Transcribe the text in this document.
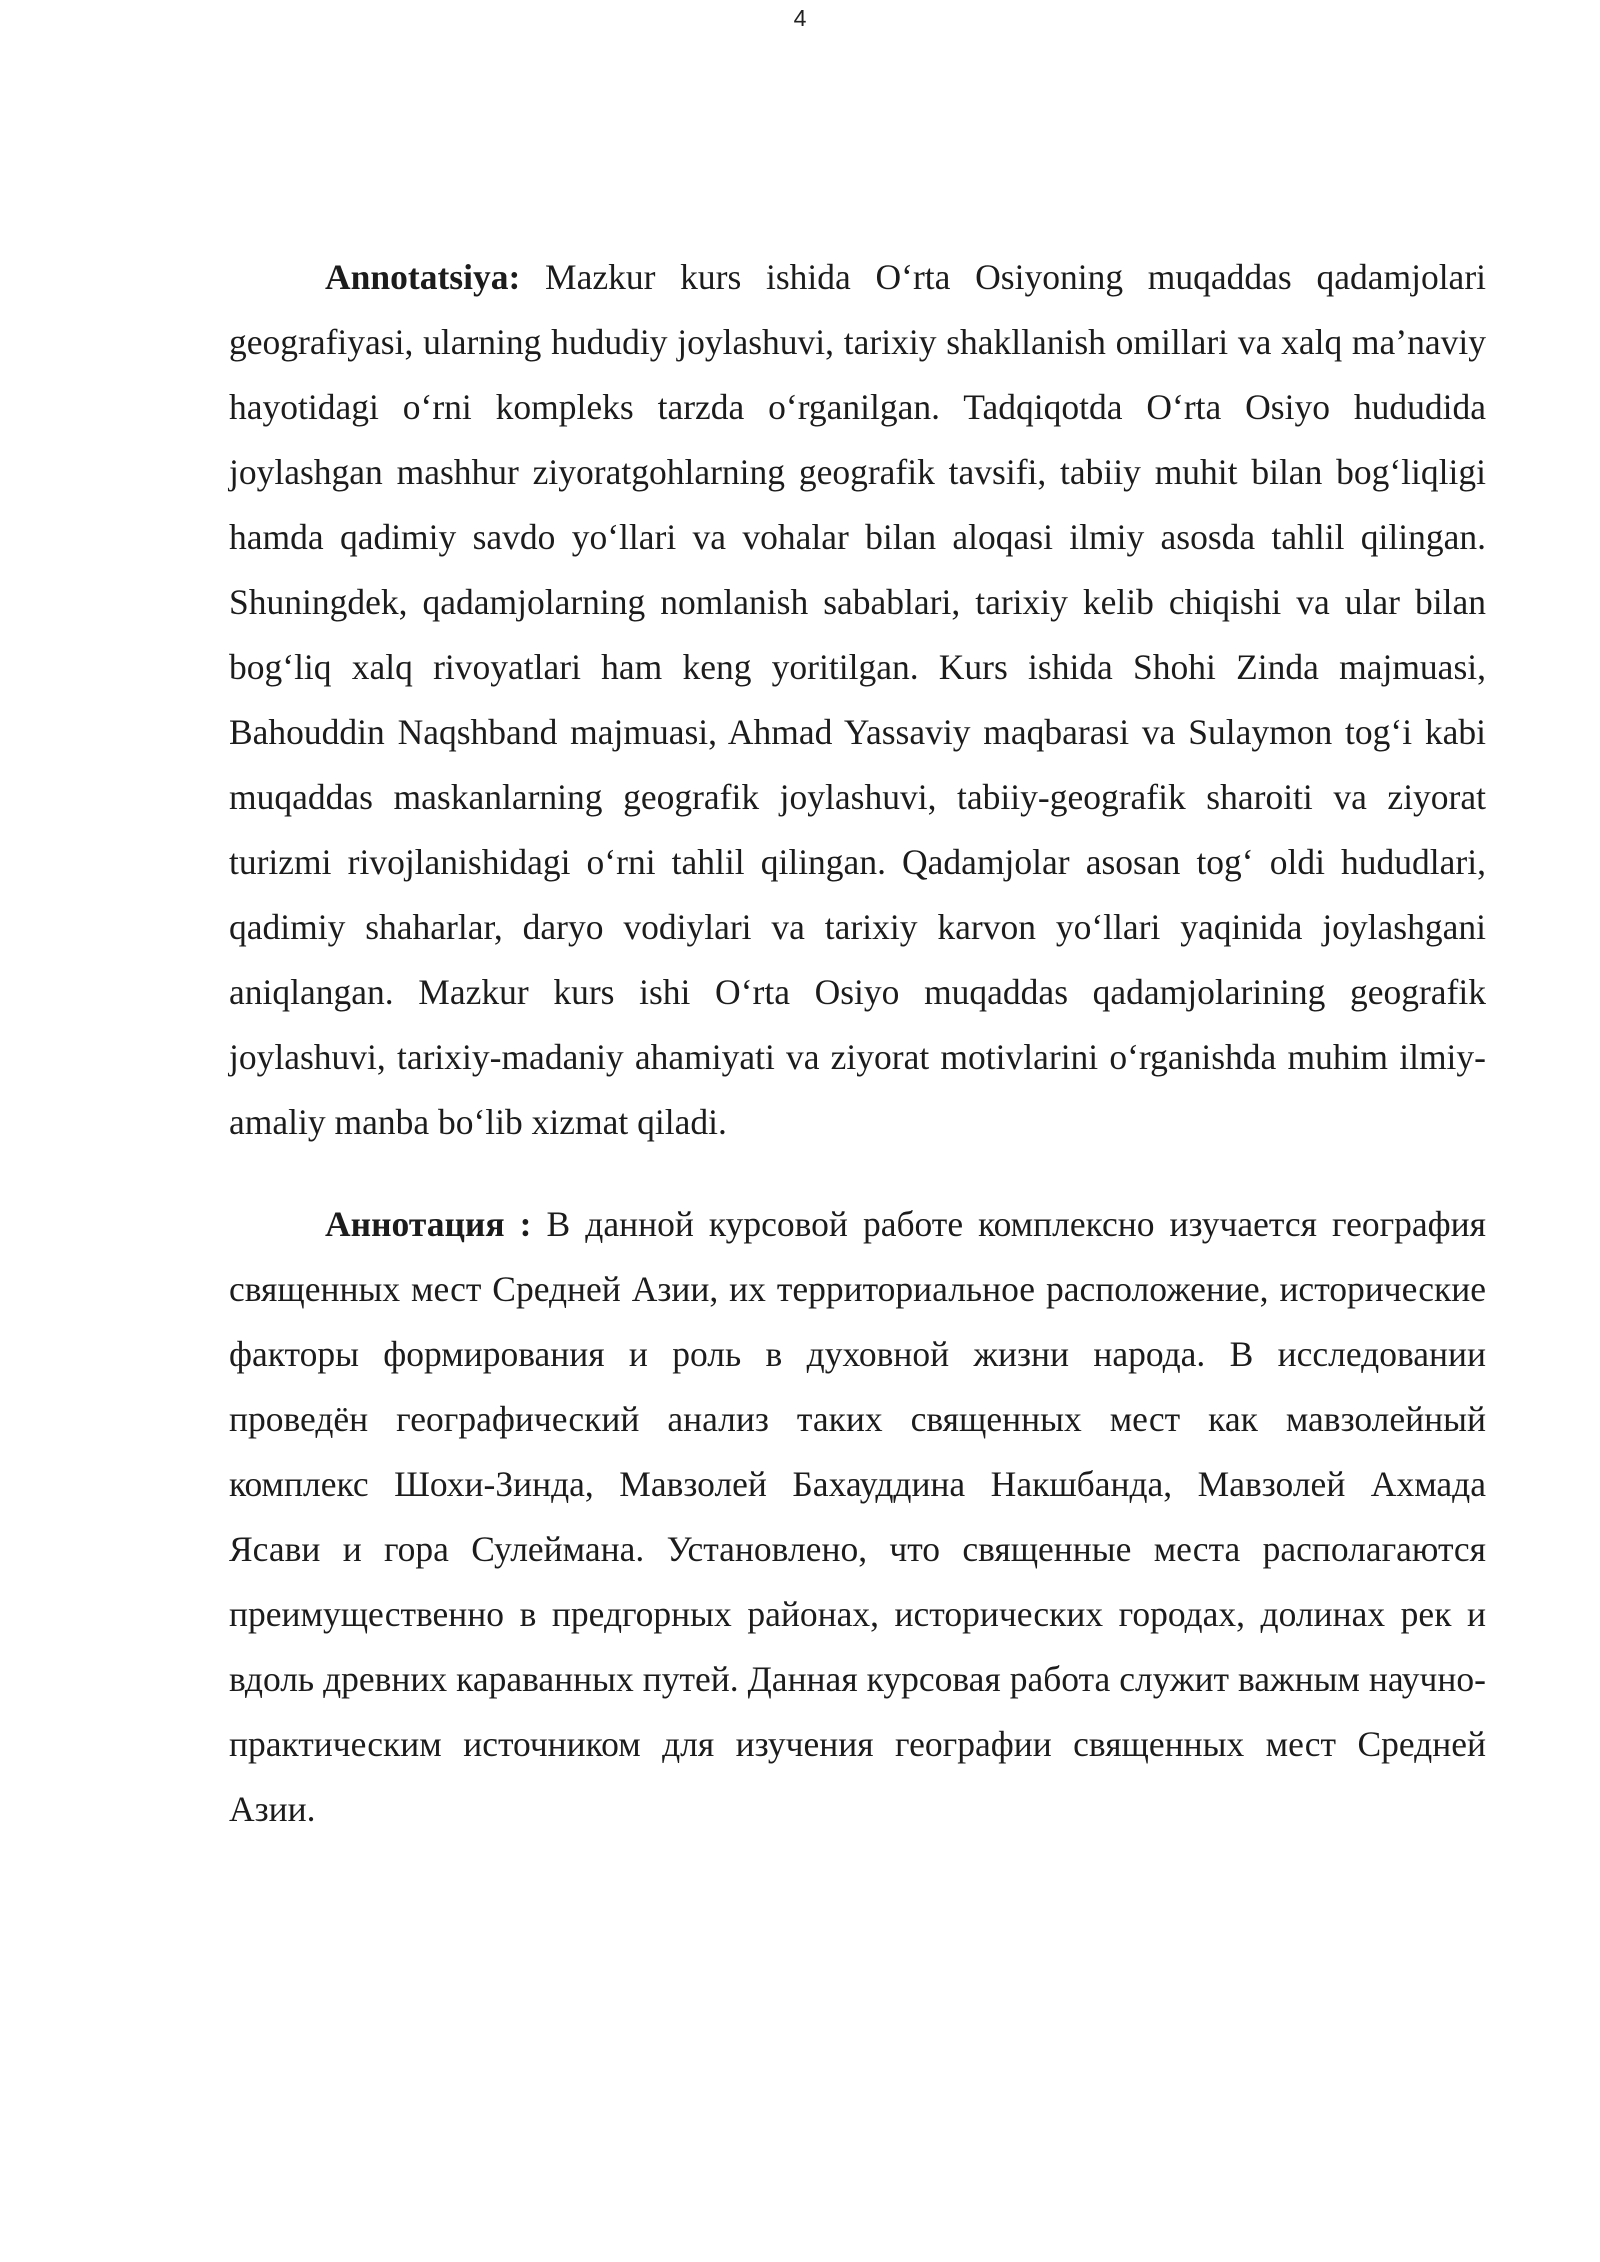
4

Annotatsiya: Mazkur kurs ishida O‘rta Osiyoning muqaddas qadamjolari geografiyasi, ularning hududiy joylashuvi, tarixiy shakllanish omillari va xalq ma’naviy hayotidagi o‘rni kompleks tarzda o‘rganilgan. Tadqiqotda O‘rta Osiyo hududida joylashgan mashhur ziyoratgohlarning geografik tavsifi, tabiiy muhit bilan bog‘liqligi hamda qadimiy savdo yo‘llari va vohalar bilan aloqasi ilmiy asosda tahlil qilingan. Shuningdek, qadamjolarning nomlanish sabablari, tarixiy kelib chiqishi va ular bilan bog‘liq xalq rivoyatlari ham keng yoritilgan. Kurs ishida Shohi Zinda majmuasi, Bahouddin Naqshband majmuasi, Ahmad Yassaviy maqbarasi va Sulaymon tog‘i kabi muqaddas maskanlarning geografik joylashuvi, tabiiy-geografik sharoiti va ziyorat turizmi rivojlanishidagi o‘rni tahlil qilingan. Qadamjolar asosan tog‘ oldi hududlari, qadimiy shaharlar, daryo vodiylari va tarixiy karvon yo‘llari yaqinida joylashgani aniqlangan. Mazkur kurs ishi O‘rta Osiyo muqaddas qadamjolarining geografik joylashuvi, tarixiy-madaniy ahamiyati va ziyorat motivlarini o‘rganishda muhim ilmiy-amaliy manba bo‘lib xizmat qiladi.

Аннотация : В данной курсовой работе комплексно изучается география священных мест Средней Азии, их территориальное расположение, исторические факторы формирования и роль в духовной жизни народа. В исследовании проведён географический анализ таких священных мест как мавзолейный комплекс Шохи-Зинда, Мавзолей Бахауддина Накшбанда, Мавзолей Ахмада Ясави и гора Сулеймана. Установлено, что священные места располагаются преимущественно в предгорных районах, исторических городах, долинах рек и вдоль древних караванных путей. Данная курсовая работа служит важным научно-практическим источником для изучения географии священных мест Средней Азии.
